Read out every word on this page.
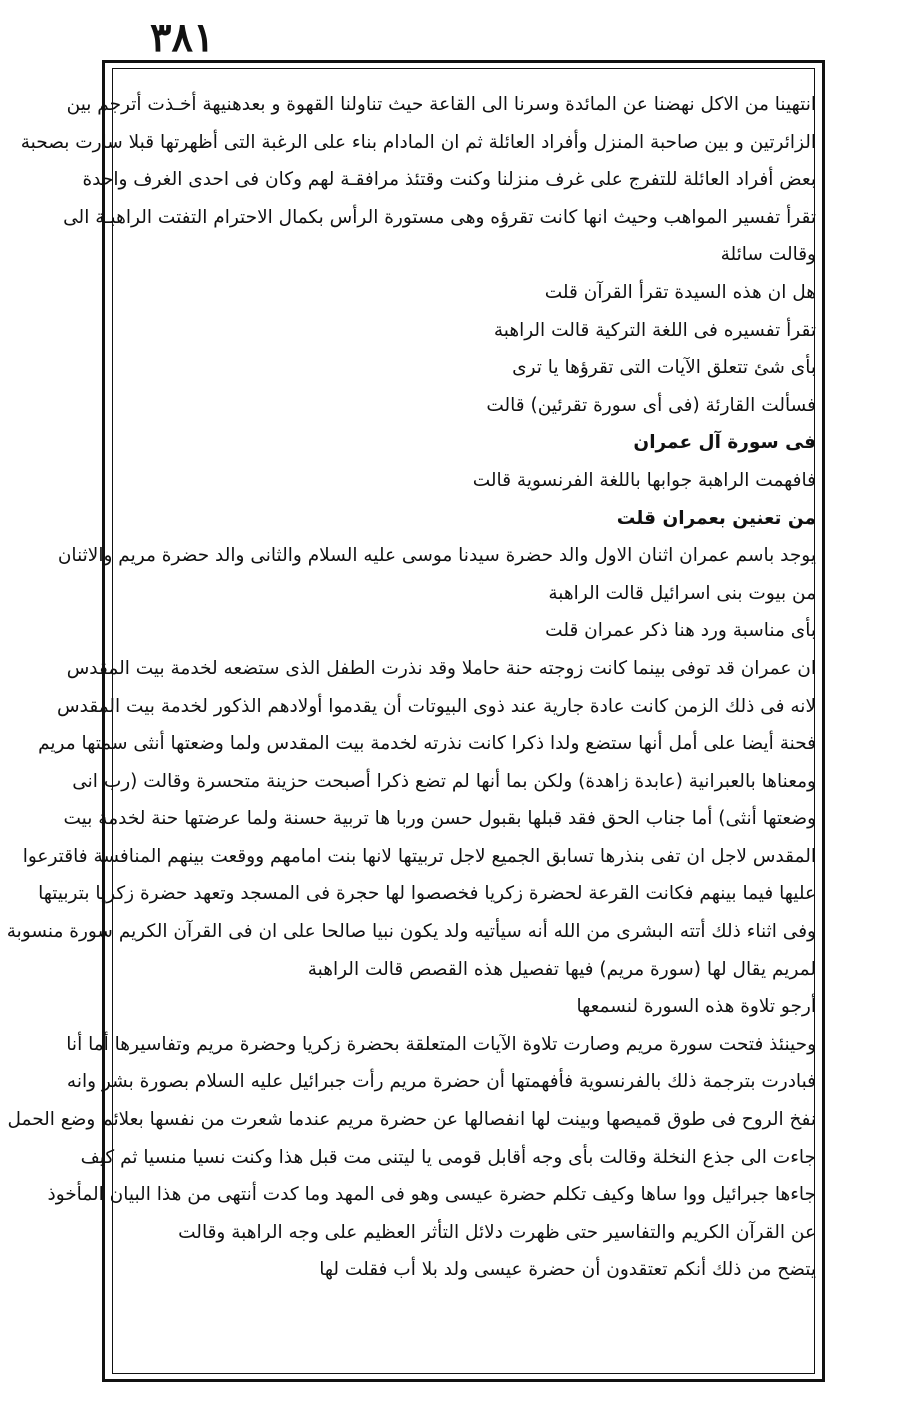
۳۸۱
انتهينا من الاكل نهضنا عن المائدة وسرنا الى القاعة حيث تناولنا القهوة و بعدهنيهة أخـذت أترجم بين
الزائرتين و بين صاحبة المنزل وأفراد العائلة ثم ان المادام بناء على الرغبة التى أظهرتها قبلا سارت بصحبة
بعض أفراد العائلة للتفرج على غرف منزلنا وكنت وقتئذ مرافقـة لهم وكان فى احدى الغرف واحدة
تقرأ تفسير المواهب وحيث انها كانت تقرؤه وهى مستورة الرأس بكمال الاحترام التفتت الراهبـة الى
وقالت سائلة
هل ان هذه السيدة تقرأ القرآن قلت
تقرأ تفسيره فى اللغة التركية قالت الراهبة
بأى شئ تتعلق الآيات التى تقرؤها يا ترى
فسألت القارئة (فى أى سورة تقرئين) قالت
فى سورة آل عمران
فافهمت الراهبة جوابها باللغة الفرنسوية قالت
من تعنين بعمران قلت
يوجد باسم عمران اثنان الاول والد حضرة سيدنا موسى عليه السلام والثانى والد حضرة مريم والاثنان
من بيوت بنى اسرائيل قالت الراهبة
بأى مناسبة ورد هنا ذكر عمران قلت
ان عمران قد توفى بينما كانت زوجته حنة حاملا وقد نذرت الطفل الذى ستضعه لخدمة بيت المقدس
لانه فى ذلك الزمن كانت عادة جارية عند ذوى البيوتات أن يقدموا أولادهم الذكور لخدمة بيت المقدس
فحنة أيضا على أمل أنها ستضع ولدا ذكرا كانت نذرته لخدمة بيت المقدس ولما وضعتها أنثى سمتها مريم
ومعناها بالعبرانية (عابدة زاهدة) ولكن بما أنها لم تضع ذكرا أصبحت حزينة متحسرة وقالت (رب انى
وضعتها أنثى) أما جناب الحق فقد قبلها بقبول حسن وربا ها تربية حسنة ولما عرضتها حنة لخدمة بيت
المقدس لاجل ان تفى بنذرها تسابق الجميع لاجل تربيتها لانها بنت امامهم ووقعت بينهم المنافسة فاقترعوا
عليها فيما بينهم فكانت القرعة لحضرة زكريا فخصصوا لها حجرة فى المسجد وتعهد حضرة زكريا بتربيتها
وفى اثناء ذلك أتته البشرى من الله أنه سيأتيه ولد يكون نبيا صالحا على ان فى القرآن الكريم سورة منسوبة
لمريم يقال لها (سورة مريم) فيها تفصيل هذه القصص قالت الراهبة
أرجو تلاوة هذه السورة لنسمعها
وحينئذ فتحت سورة مريم وصارت تلاوة الآيات المتعلقة بحضرة زكريا وحضرة مريم وتفاسيرها أما أنا
فبادرت بترجمة ذلك بالفرنسوية فأفهمتها أن حضرة مريم رأت جبرائيل عليه السلام بصورة بشر وانه
نفخ الروح فى طوق قميصها وبينت لها انفصالها عن حضرة مريم عندما شعرت من نفسها بعلائم وضع الحمل
جاءت الى جذع النخلة وقالت بأى وجه أقابل قومى يا ليتنى مت قبل هذا وكنت نسيا منسيا ثم كيف
جاءها جبرائيل ووا ساها وكيف تكلم حضرة عيسى وهو فى المهد وما كدت أنتهى من هذا البيان المأخوذ
عن القرآن الكريم والتفاسير حتى ظهرت دلائل التأثر العظيم على وجه الراهبة وقالت
يتضح من ذلك أنكم تعتقدون أن حضرة عيسى ولد بلا أب فقلت لها
